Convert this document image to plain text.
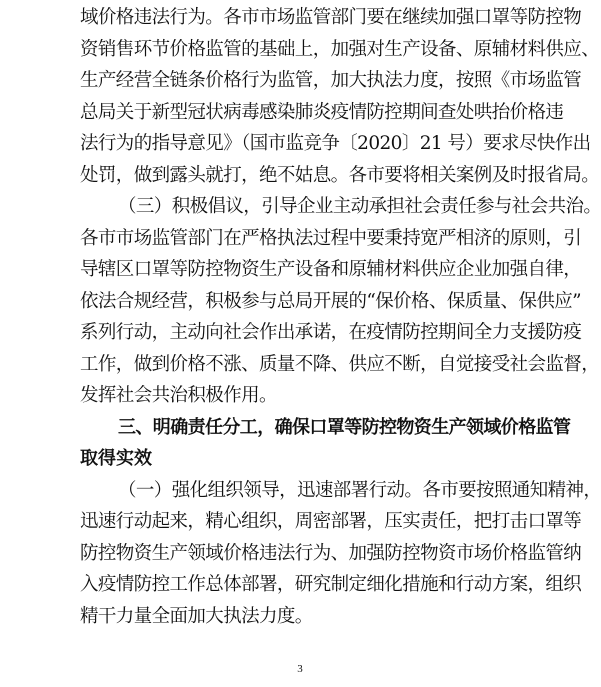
域价格违法行为。各市市场监管部门要在继续加强口罩等防控物
资销售环节价格监管的基础上，加强对生产设备、原辅材料供应、
生产经营全链条价格行为监管，加大执法力度，按照《市场监管
总局关于新型冠状病毒感染肺炎疫情防控期间查处哄抬价格违
法行为的指导意见》（国市监竞争〔2020〕21 号）要求尽快作出
处罚，做到露头就打，绝不姑息。各市要将相关案例及时报省局。
（三）积极倡议，引导企业主动承担社会责任参与社会共治。
各市市场监管部门在严格执法过程中要秉持宽严相济的原则，引
导辖区口罩等防控物资生产设备和原辅材料供应企业加强自律，
依法合规经营，积极参与总局开展的“保价格、保质量、保供应”
系列行动，主动向社会作出承诺，在疫情防控期间全力支援防疫
工作，做到价格不涨、质量不降、供应不断，自觉接受社会监督，
发挥社会共治积极作用。
三、明确责任分工，确保口罩等防控物资生产领域价格监管
取得实效
（一）强化组织领导，迅速部署行动。各市要按照通知精神，
迅速行动起来，精心组织，周密部署，压实责任，把打击口罩等
防控物资生产领域价格违法行为、加强防控物资市场价格监管纳
入疫情防控工作总体部署，研究制定细化措施和行动方案，组织
精干力量全面加大执法力度。
3
